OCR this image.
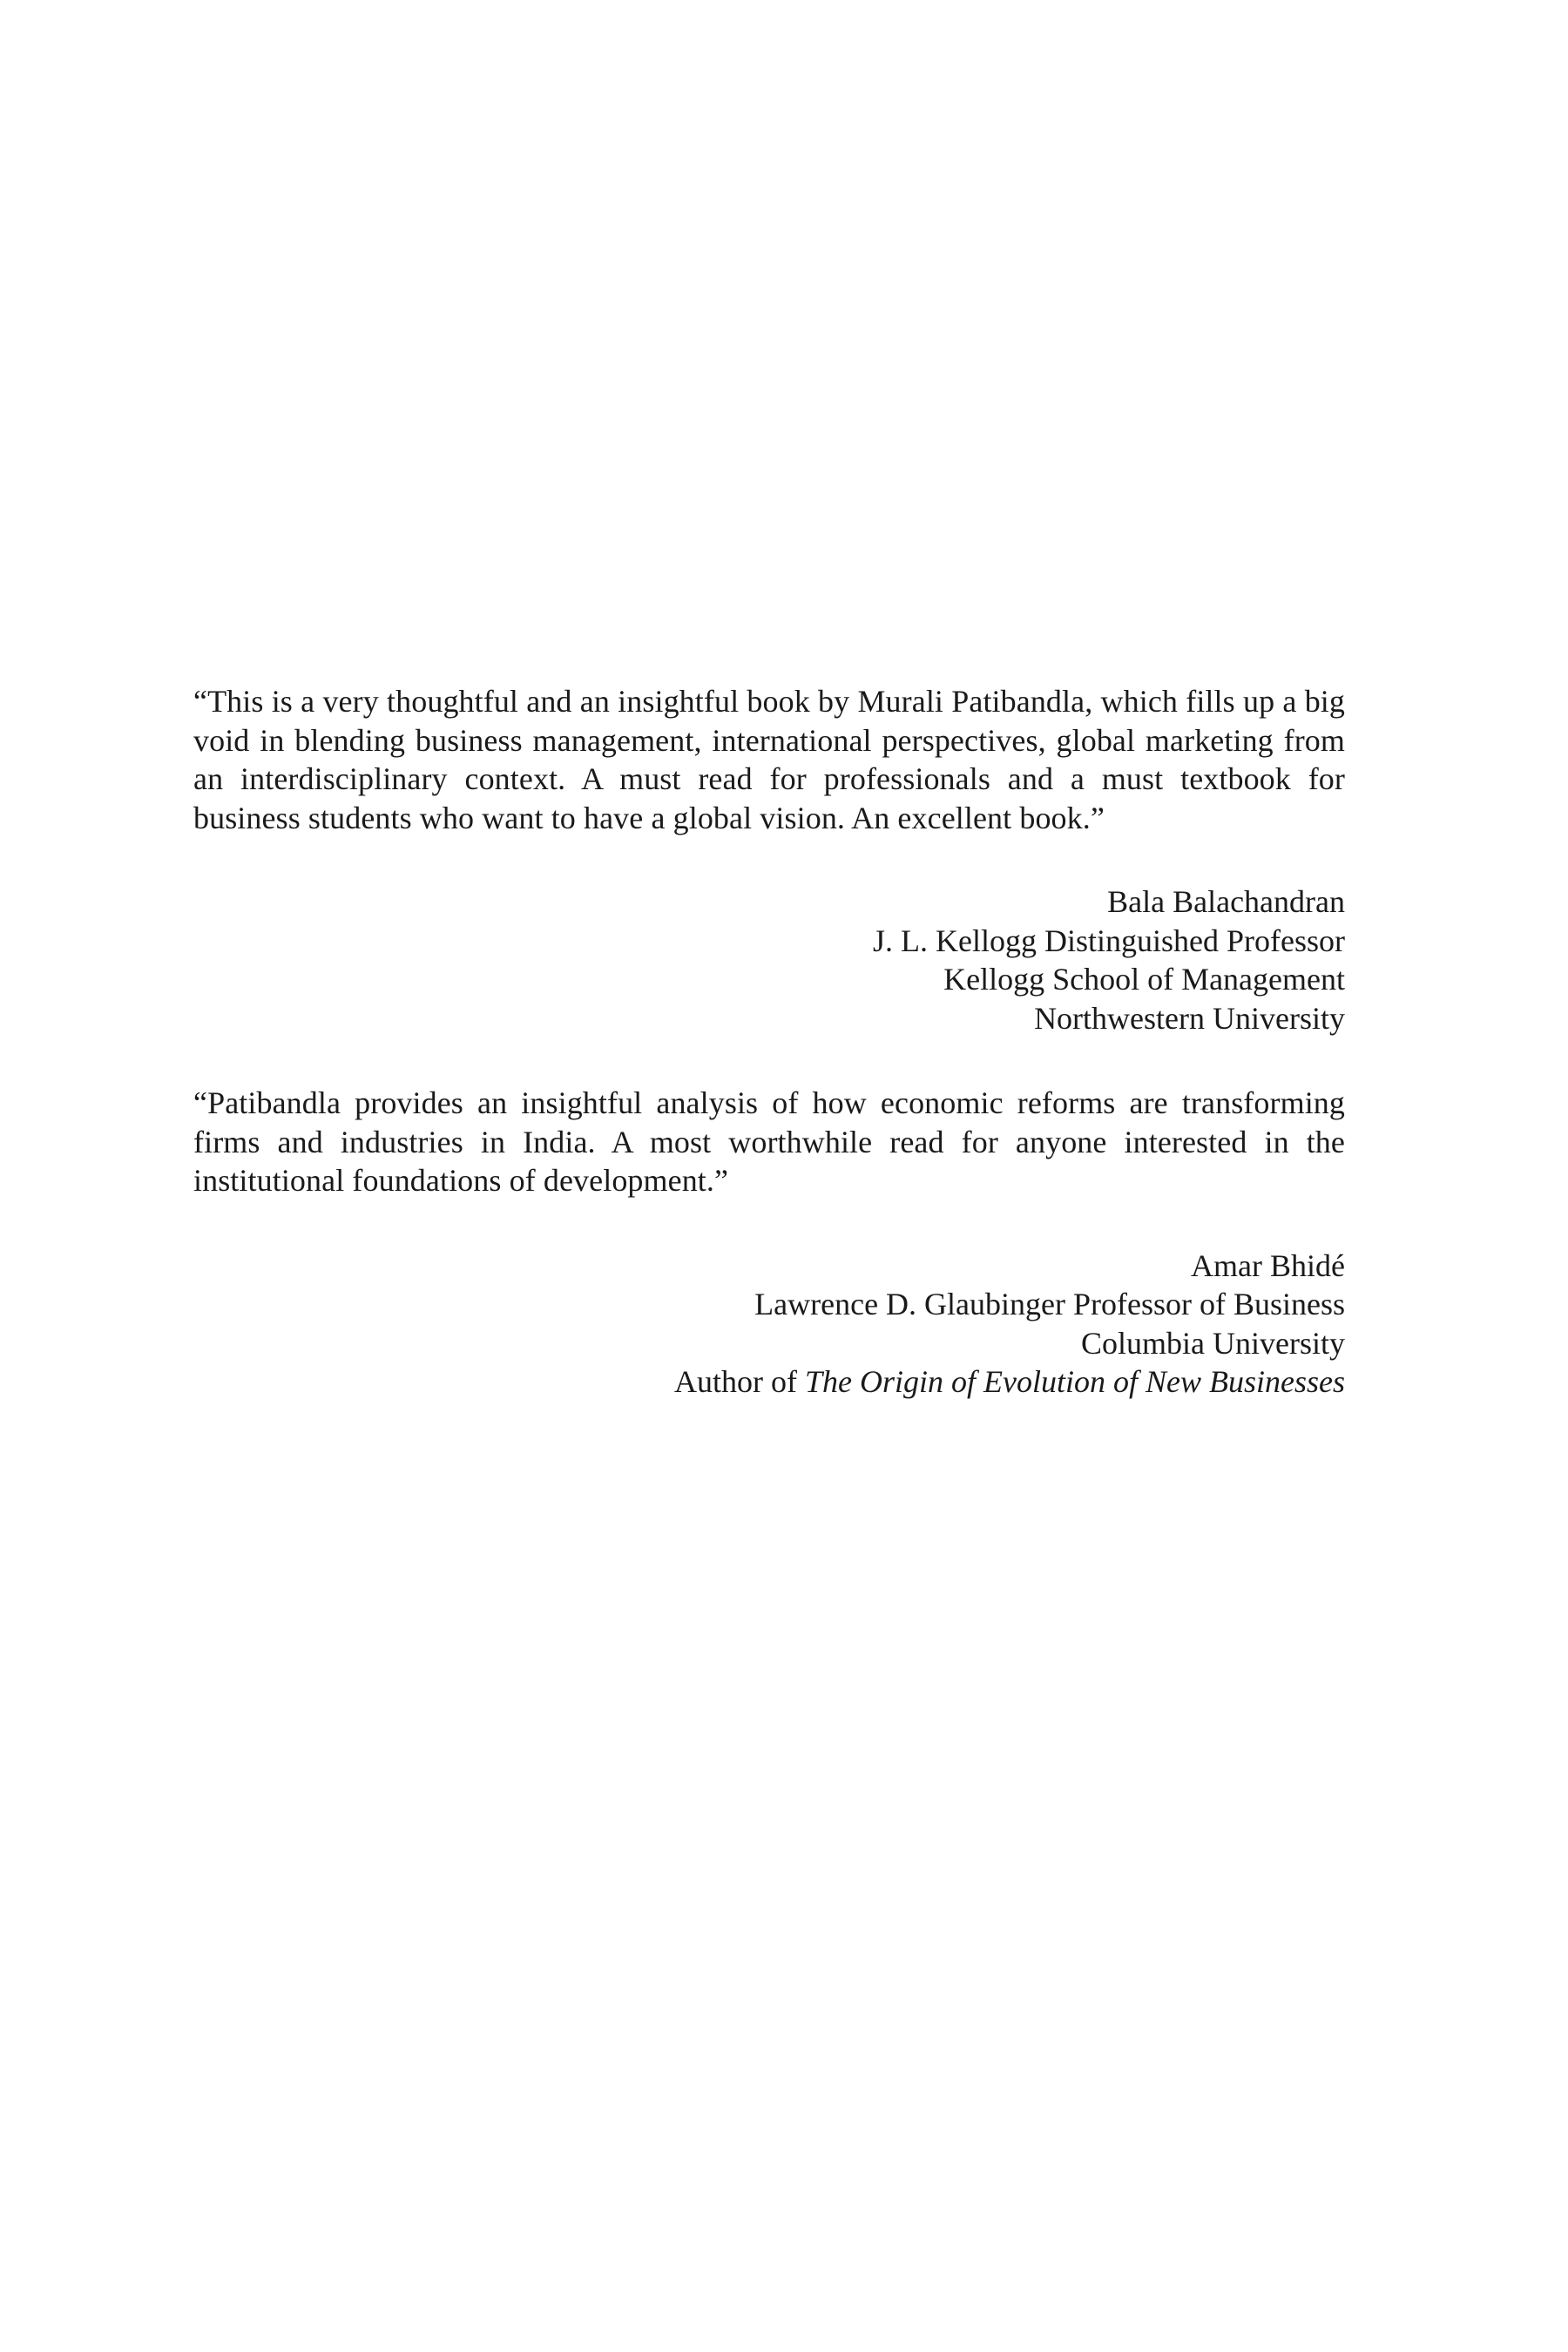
“This is a very thoughtful and an insightful book by Murali Patibandla, which fills up a big void in blending business management, international perspectives, global marketing from an interdisciplinary context. A must read for professionals and a must textbook for business students who want to have a global vision. An excellent book.”

Bala Balachandran
J. L. Kellogg Distinguished Professor
Kellogg School of Management
Northwestern University

“Patibandla provides an insightful analysis of how economic reforms are transforming firms and industries in India. A most worthwhile read for anyone interested in the institutional foundations of development.”

Amar Bhidé
Lawrence D. Glaubinger Professor of Business
Columbia University
Author of The Origin of Evolution of New Businesses
